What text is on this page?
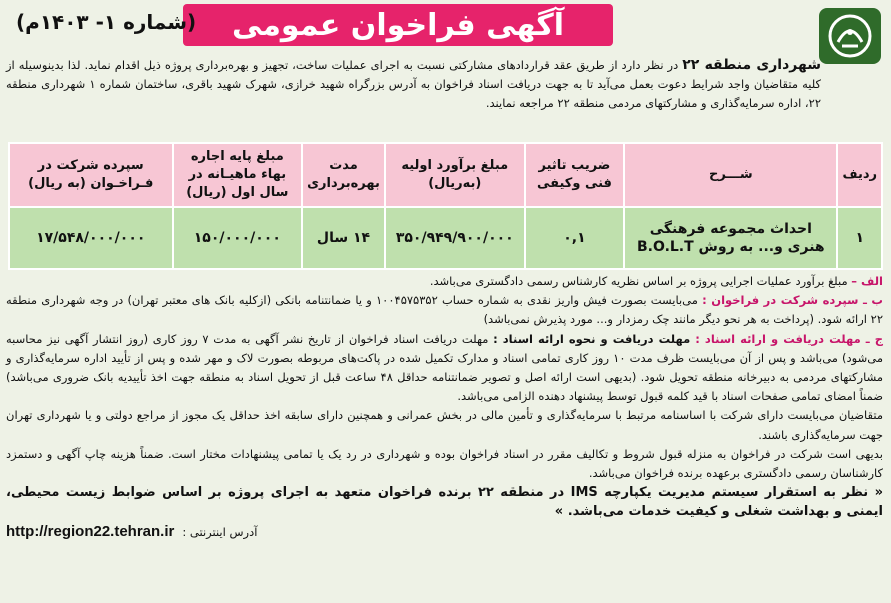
آگهی فراخوان عمومی
(شماره ۱- ۱۴۰۳م)
شهرداری منطقه ۲۲ در نظر دارد از طریق عقد قراردادهای مشارکتی نسبت به اجرای عملیات ساخت، تجهیز و بهره‌برداری پروژه ذیل اقدام نماید. لذا بدینوسیله از کلیه متقاضیان واجد شرایط دعوت بعمل می‌آید تا به جهت دریافت اسناد فراخوان به آدرس بزرگراه شهید خرازی، شهرک شهید باقری، ساختمان شماره ۱ شهرداری منطقه ۲۲، اداره سرمایه‌گذاری و مشارکتهای مردمی منطقه ۲۲ مراجعه نمایند.
ردیف	شـــرح	ضریب تاثیر فنی وکیفی	مبلغ برآورد اولیه (به‌ریال)	مدت بهره‌برداری	مبلغ پایه اجاره بهاء ماهیـانه در سال اول (ریال)	سپرده شرکت در فـراخـوان (به ریال)
۱	احداث مجموعه فرهنگی هنری و... به روش B.O.L.T	۰,۱	۳۵۰/۹۴۹/۹۰۰/۰۰۰	۱۴ سال	۱۵۰/۰۰۰/۰۰۰	۱۷/۵۴۸/۰۰۰/۰۰۰

الف – مبلغ برآورد عملیات اجرایی پروژه بر اساس نظریه کارشناس رسمی دادگستری می‌باشد.

ب ـ سپرده شرکت در فراخوان : می‌بایست بصورت فیش واریز نقدی به شماره حساب ۱۰۰۴۵۷۵۳۵۲ و یا ضمانتنامه بانکی (ازکلیه بانک های معتبر تهران) در وجه شهرداری منطقه ۲۲ ارائه شود. (پرداخت به هر نحو دیگر مانند چک رمزدار و... مورد پذیرش نمی‌باشد)

ج ـ مهلت دریافت و ارائه اسناد : مهلت دریافت و نحوه ارائه اسناد : مهلت دریافت اسناد فراخوان از تاریخ نشر آگهی به مدت ۷ روز کاری (روز انتشار آگهی نیز محاسبه می‌شود) می‌باشد و پس از آن می‌بایست ظرف مدت ۱۰ روز کاری تمامی اسناد و مدارک تکمیل شده در پاکت‌های مربوطه بصورت لاک و مهر شده و پس از تأیید اداره سرمایه‌گذاری و مشارکتهای مردمی به دبیرخانه منطقه تحویل شود. (بدیهی است ارائه اصل و تصویر ضمانتنامه حداقل ۴۸ ساعت قبل از تحویل اسناد به منطقه جهت اخذ تأییدیه بانک ضروری می‌باشد) ضمناً امضای تمامی صفحات اسناد با قید کلمه قبول توسط پیشنهاد دهنده الزامی می‌باشد.

متقاضیان می‌بایست دارای شرکت با اساسنامه مرتبط با سرمایه‌گذاری و تأمین مالی در بخش عمرانی و همچنین دارای سابقه اخذ حداقل یک مجوز از مراجع دولتی و یا شهرداری تهران جهت سرمایه‌گذاری باشند.

بدیهی است شرکت در فراخوان به منزله قبول شروط و تکالیف مقرر در اسناد فراخوان بوده و شهرداری در رد یک یا تمامی پیشنهادات مختار است. ضمناً هزینه چاپ آگهی و دستمزد کارشناسان رسمی دادگستری برعهده برنده فراخوان می‌باشد.

« نظر به استقرار سیستم مدیریت یکپارچه IMS در منطقه ۲۲ برنده فراخوان متعهد به اجرای پروژه بر اساس ضوابط زیست محیطی، ایمنی و بهداشت شغلی و کیفیت خدمات می‌باشد. »

آدرس اینترنتی :
http://region22.tehran.ir
